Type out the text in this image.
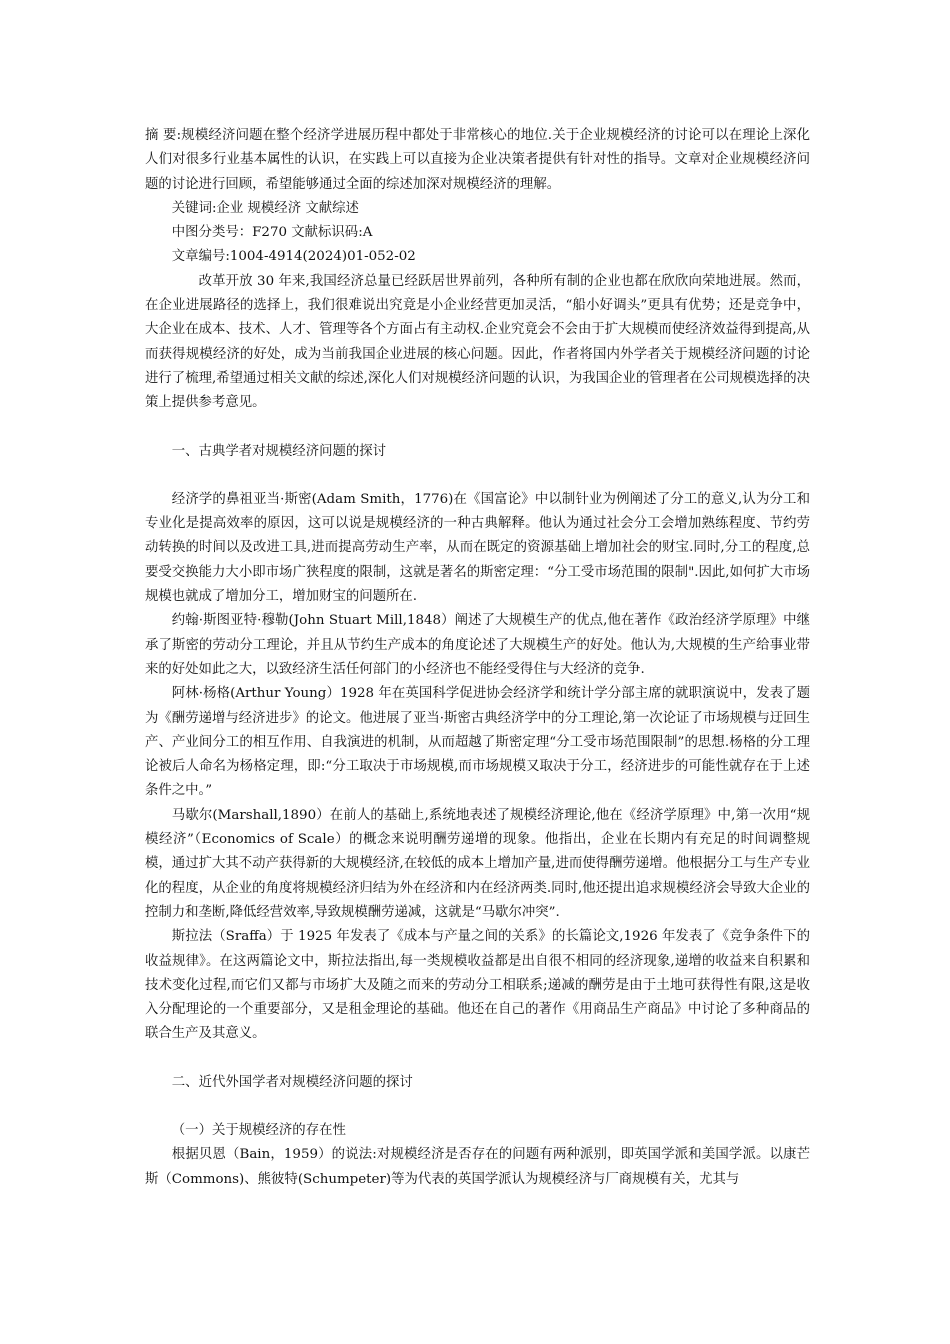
摘 要:规模经济问题在整个经济学进展历程中都处于非常核心的地位.关于企业规模经济的讨论可以在理论上深化人们对很多行业基本属性的认识，在实践上可以直接为企业决策者提供有针对性的指导。文章对企业规模经济问题的讨论进行回顾，希望能够通过全面的综述加深对规模经济的理解。

关键词:企业 规模经济 文献综述

中图分类号：F270 文献标识码:A

文章编号:1004-4914(2024)01-052-02

改革开放 30 年来,我国经济总量已经跃居世界前列，各种所有制的企业也都在欣欣向荣地进展。然而，在企业进展路径的选择上，我们很难说出究竟是小企业经营更加灵活，“船小好调头”更具有优势；还是竞争中，大企业在成本、技术、人才、管理等各个方面占有主动权.企业究竟会不会由于扩大规模而使经济效益得到提高,从而获得规模经济的好处，成为当前我国企业进展的核心问题。因此，作者将国内外学者关于规模经济问题的讨论进行了梳理,希望通过相关文献的综述,深化人们对规模经济问题的认识，为我国企业的管理者在公司规模选择的决策上提供参考意见。

一、古典学者对规模经济问题的探讨

经济学的鼻祖亚当·斯密(Adam Smith，1776)在《国富论》中以制针业为例阐述了分工的意义,认为分工和专业化是提高效率的原因，这可以说是规模经济的一种古典解释。他认为通过社会分工会增加熟练程度、节约劳动转换的时间以及改进工具,进而提高劳动生产率，从而在既定的资源基础上增加社会的财宝.同时,分工的程度,总要受交换能力大小即市场广狭程度的限制，这就是著名的斯密定理：“分工受市场范围的限制".因此,如何扩大市场规模也就成了增加分工，增加财宝的问题所在.

约翰·斯图亚特·穆勒(John Stuart Mill,1848）阐述了大规模生产的优点,他在著作《政治经济学原理》中继承了斯密的劳动分工理论，并且从节约生产成本的角度论述了大规模生产的好处。他认为,大规模的生产给事业带来的好处如此之大，以致经济生活任何部门的小经济也不能经受得住与大经济的竞争.

阿林·杨格(Arthur Young）1928 年在英国科学促进协会经济学和统计学分部主席的就职演说中，发表了题为《酬劳递增与经济进步》的论文。他进展了亚当·斯密古典经济学中的分工理论,第一次论证了市场规模与迂回生产、产业间分工的相互作用、自我演进的机制，从而超越了斯密定理“分工受市场范围限制”的思想.杨格的分工理论被后人命名为杨格定理，即:“分工取决于市场规模,而市场规模又取决于分工，经济进步的可能性就存在于上述条件之中。”

马歇尔(Marshall,1890）在前人的基础上,系统地表述了规模经济理论,他在《经济学原理》中,第一次用“规模经济”（Economics of Scale）的概念来说明酬劳递增的现象。他指出，企业在长期内有充足的时间调整规模，通过扩大其不动产获得新的大规模经济,在较低的成本上增加产量,进而使得酬劳递增。他根据分工与生产专业化的程度，从企业的角度将规模经济归结为外在经济和内在经济两类.同时,他还提出追求规模经济会导致大企业的控制力和垄断,降低经营效率,导致规模酬劳递减，这就是“马歇尔冲突”.

斯拉法（Sraffa）于 1925 年发表了《成本与产量之间的关系》的长篇论文,1926 年发表了《竞争条件下的收益规律》。在这两篇论文中，斯拉法指出,每一类规模收益都是出自很不相同的经济现象,递增的收益来自积累和技术变化过程,而它们又都与市场扩大及随之而来的劳动分工相联系;递减的酬劳是由于土地可获得性有限,这是收入分配理论的一个重要部分，又是租金理论的基础。他还在自己的著作《用商品生产商品》中讨论了多种商品的联合生产及其意义。

二、近代外国学者对规模经济问题的探讨

（一）关于规模经济的存在性

根据贝恩（Bain，1959）的说法:对规模经济是否存在的问题有两种派别，即英国学派和美国学派。以康芒斯（Commons)、熊彼特(Schumpeter)等为代表的英国学派认为规模经济与厂商规模有关，尤其与
